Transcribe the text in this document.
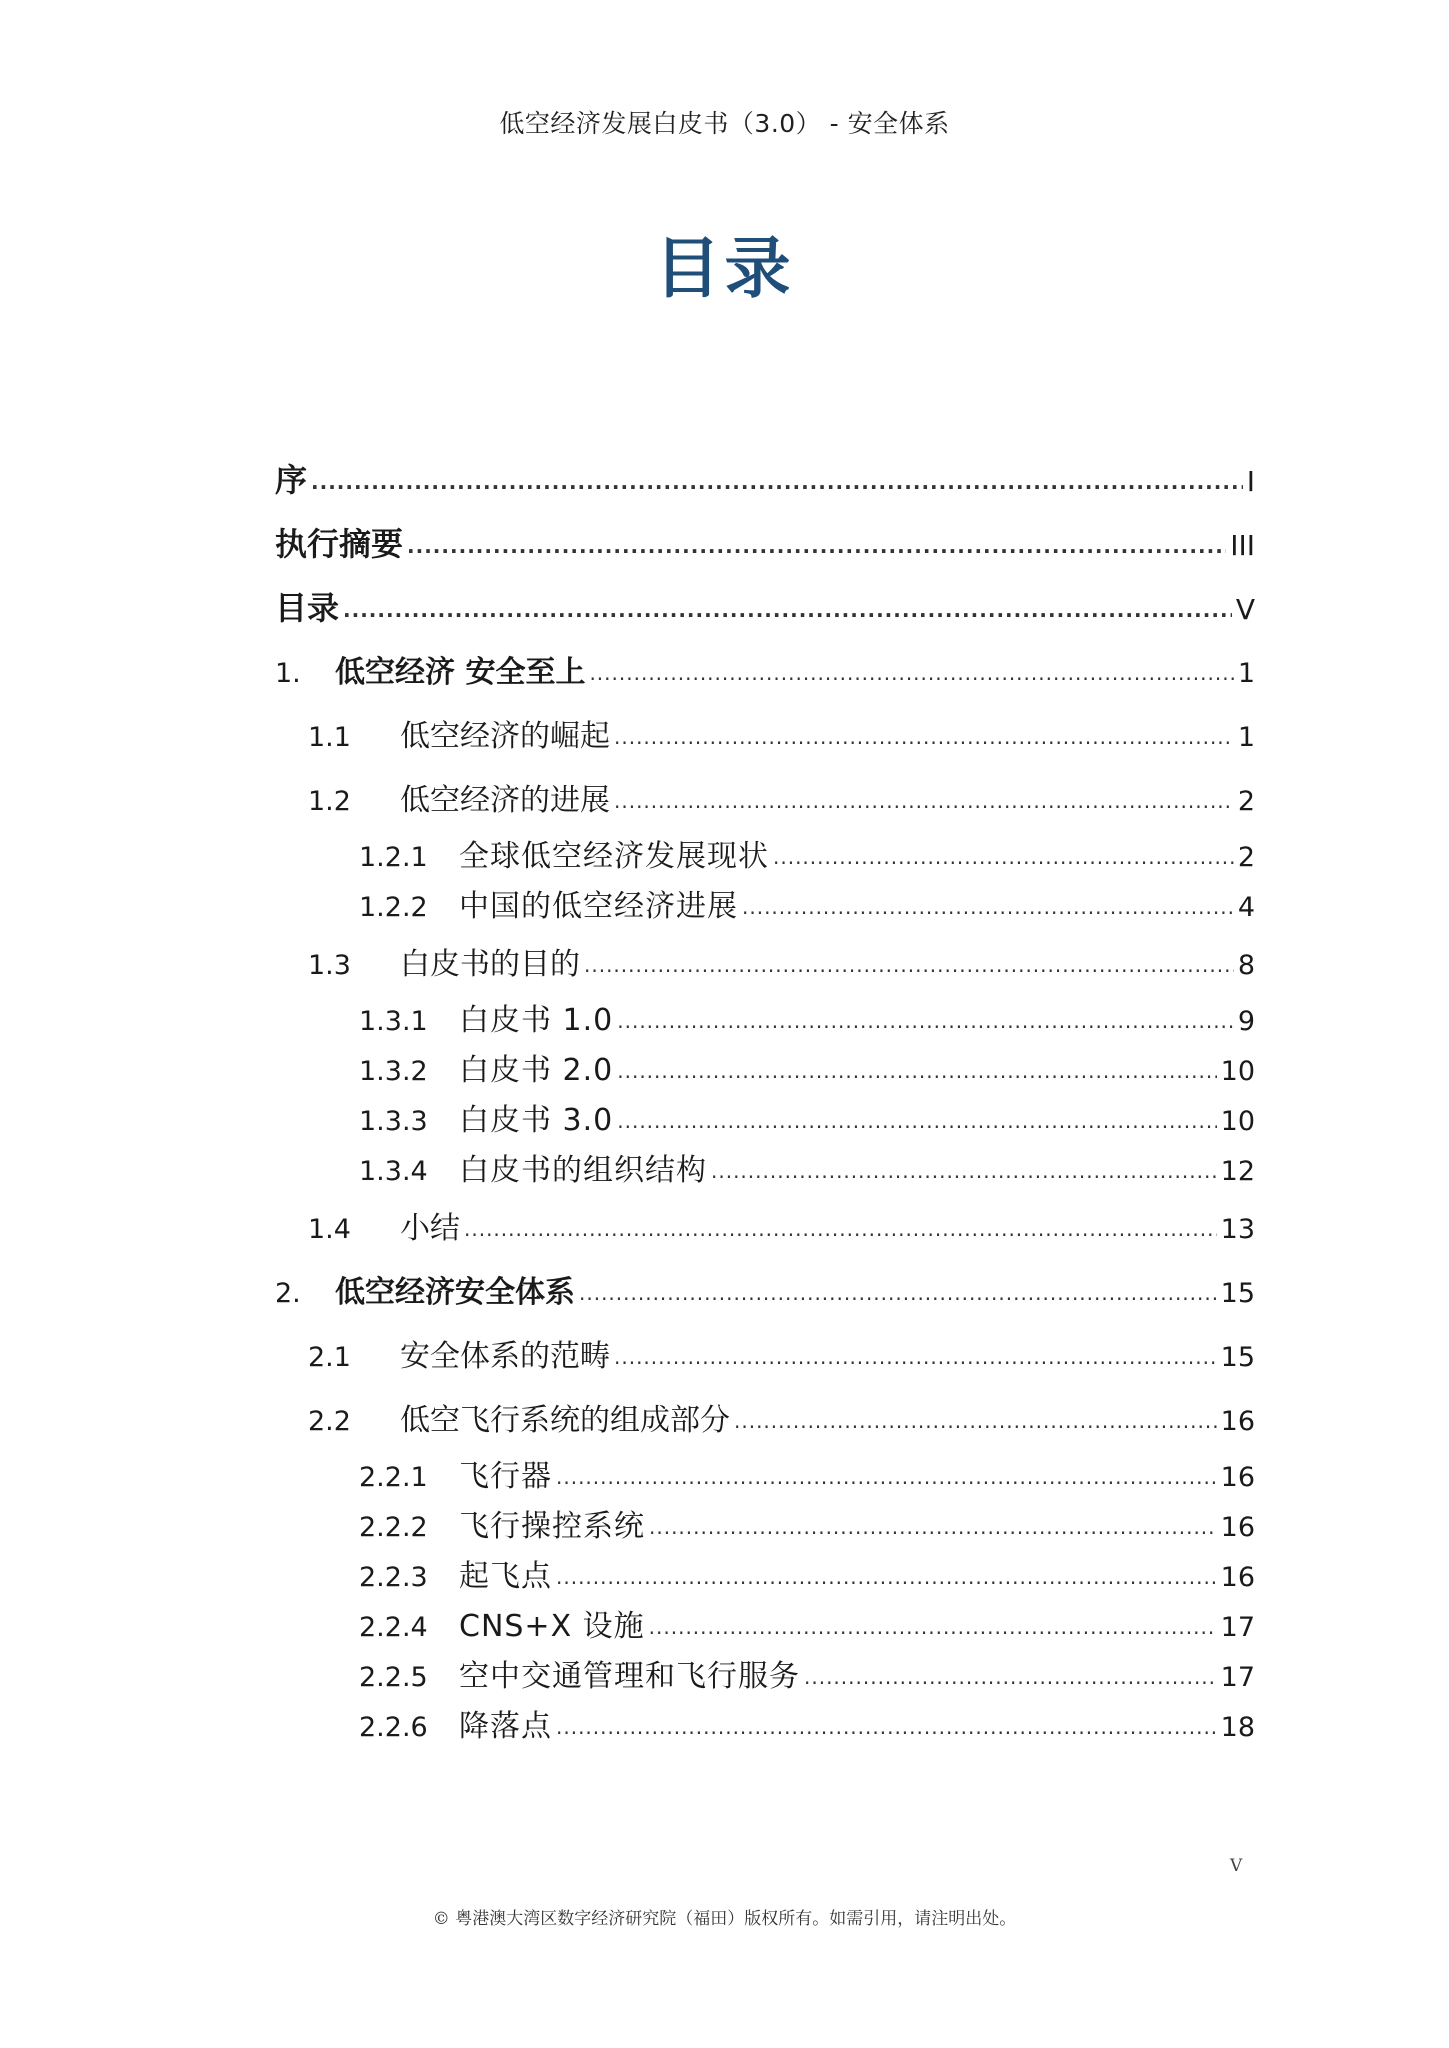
低空经济发展白皮书（3.0） - 安全体系
目录
序 .....	I
执行摘要 .....	III
目录 .....	V
1.	低空经济 安全至上 .....	1
1.1	低空经济的崛起 .....	1
1.2	低空经济的进展 .....	2
1.2.1	全球低空经济发展现状 .....	2
1.2.2	中国的低空经济进展 .....	4
1.3	白皮书的目的 .....	8
1.3.1	白皮书 1.0 .....	9
1.3.2	白皮书 2.0 .....	10
1.3.3	白皮书 3.0 .....	10
1.3.4	白皮书的组织结构 .....	12
1.4	小结 .....	13
2.	低空经济安全体系 .....	15
2.1	安全体系的范畴 .....	15
2.2	低空飞行系统的组成部分 .....	16
2.2.1	飞行器 .....	16
2.2.2	飞行操控系统 .....	16
2.2.3	起飞点 .....	16
2.2.4	CNS+X 设施 .....	17
2.2.5	空中交通管理和飞行服务 .....	17
2.2.6	降落点 .....	18
V
© 粤港澳大湾区数字经济研究院（福田）版权所有。如需引用，请注明出处。
